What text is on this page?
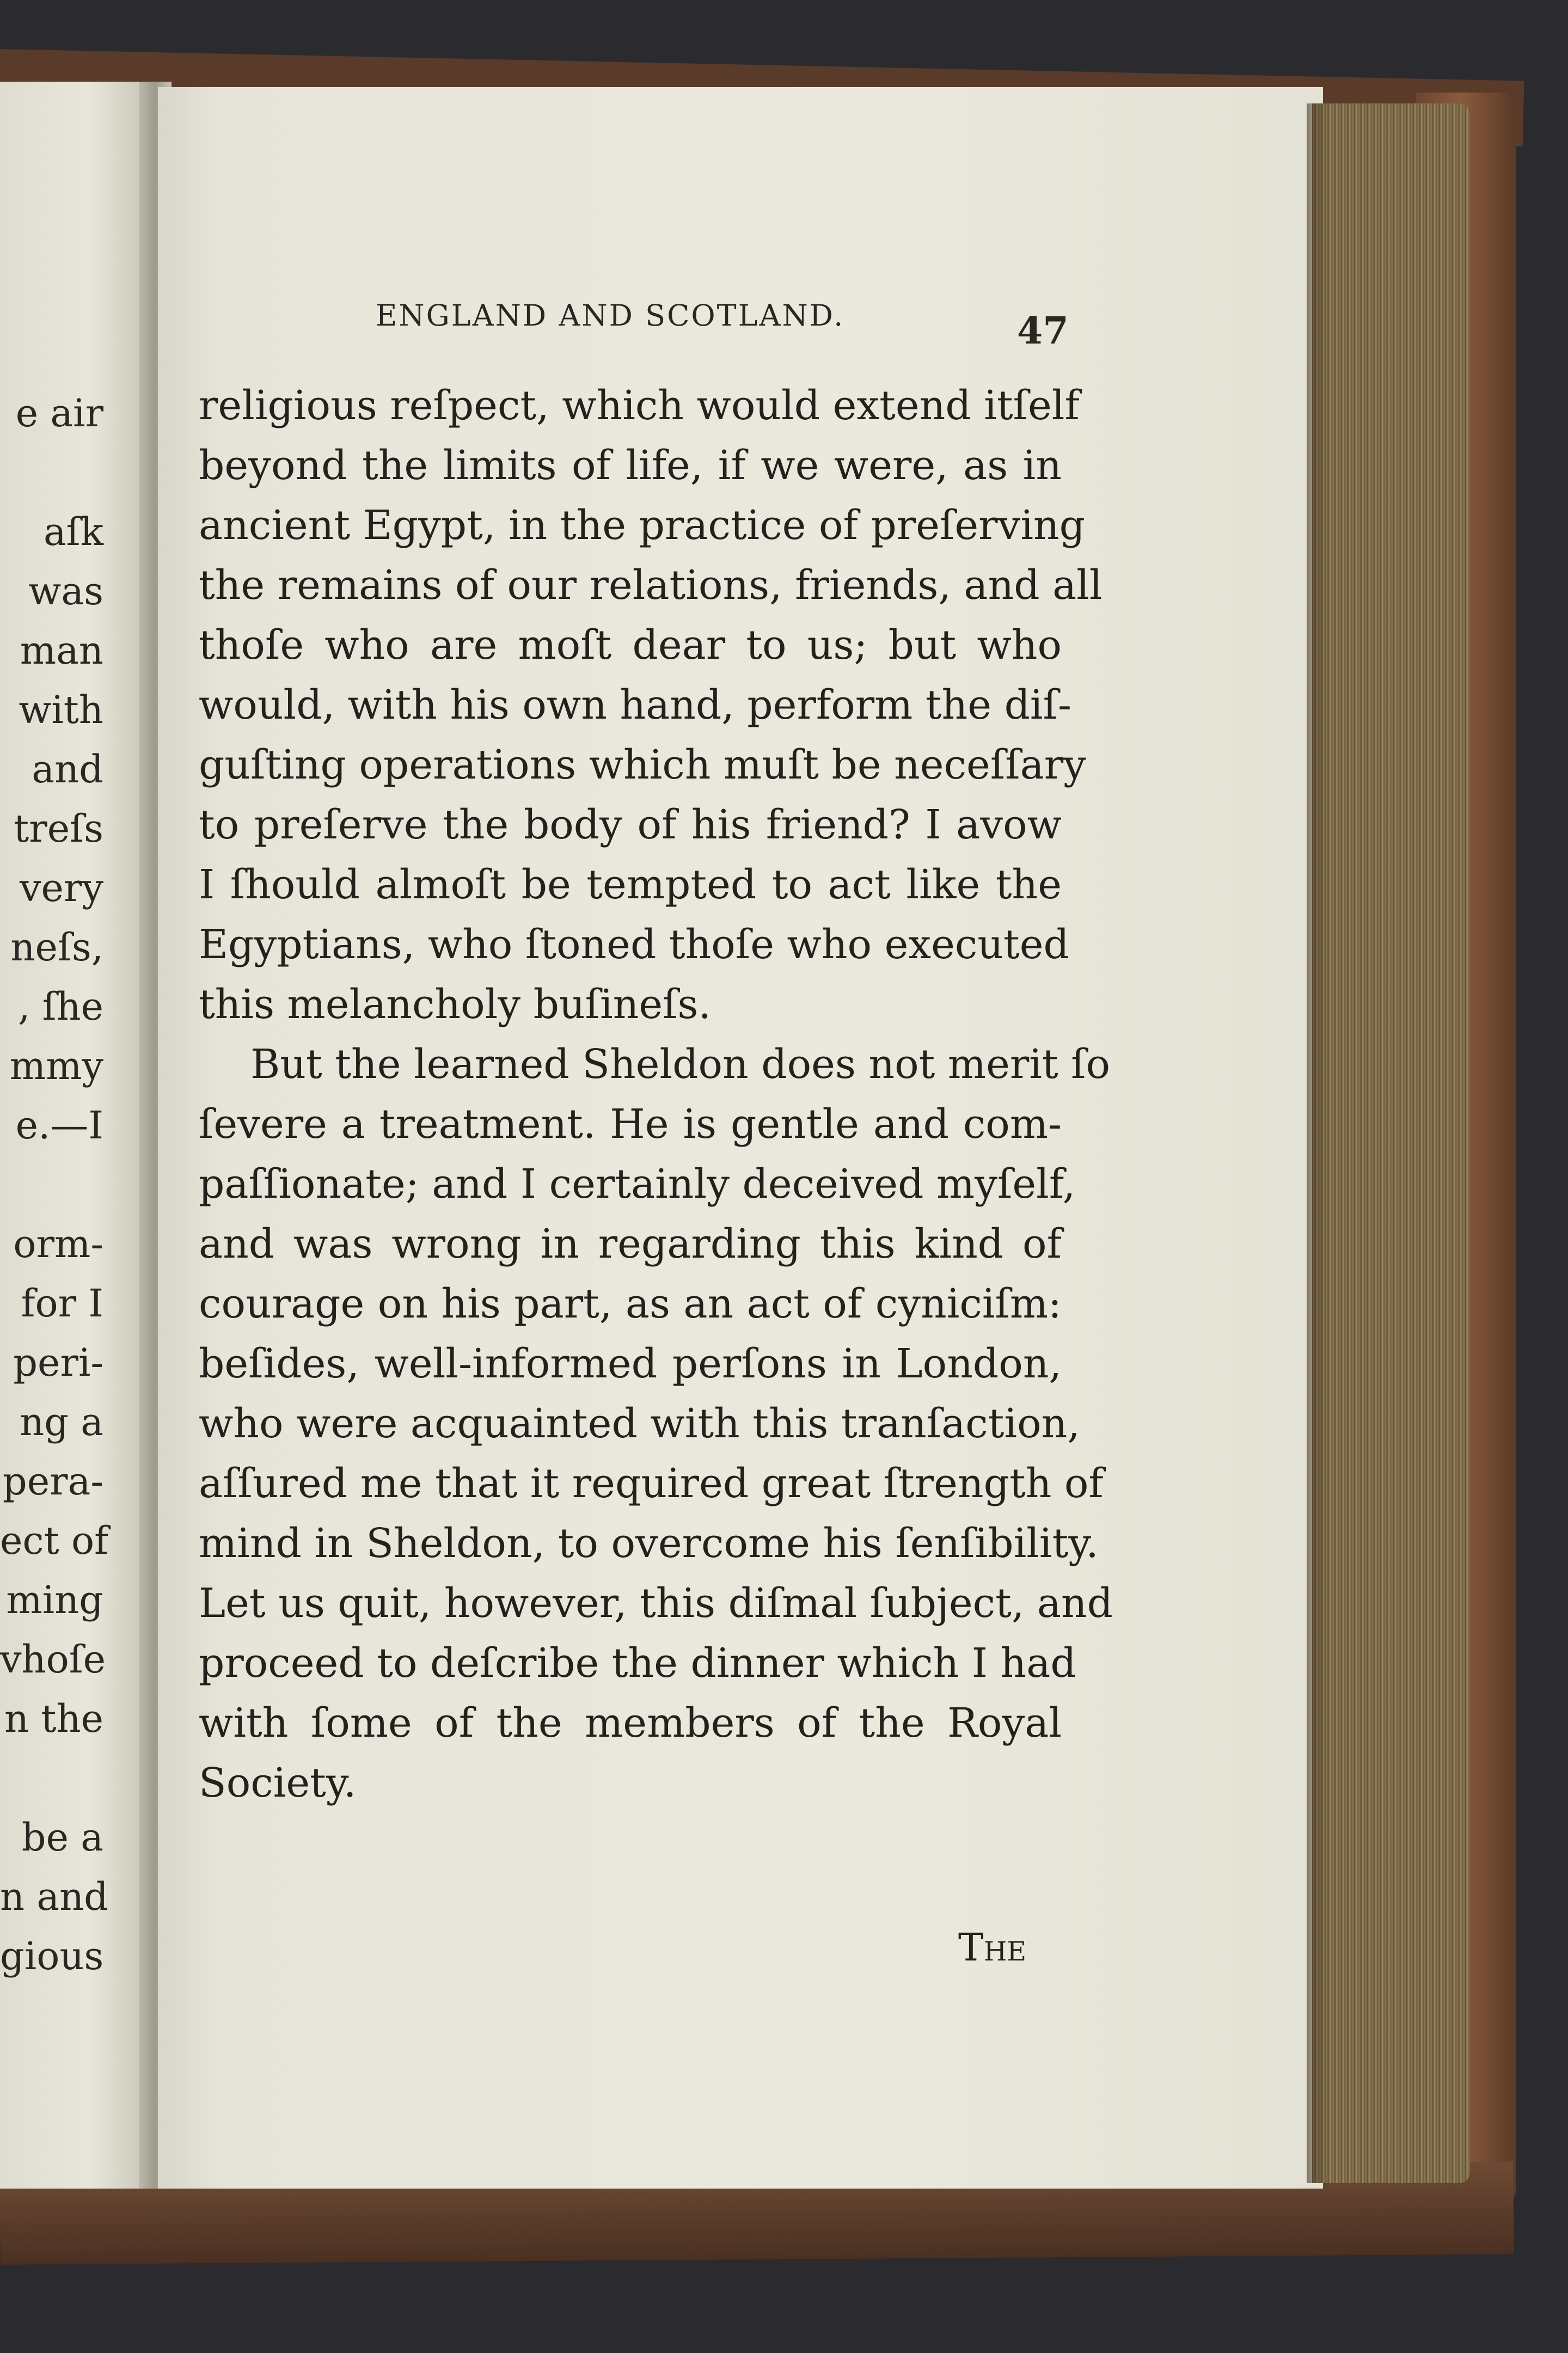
e air
aſk
was
man
with
and
treſs
very
neſs,
, ſhe
mmy
e.—I
orm-
for I
peri-
ng a
pera-
ect of
ming
vhoſe
n the
be a
n and
gious
ENGLAND AND SCOTLAND.	47
religious reſpect, which would extend itſelf
beyond the limits of life, if we were, as in
ancient Egypt, in the practice of preſerving
the remains of our relations, friends, and all
thoſe who are moſt dear to us; but who
would, with his own hand, perform the diſ-
guſting operations which muſt be neceſſary
to preſerve the body of his friend? I avow
I ſhould almoſt be tempted to act like the
Egyptians, who ſtoned thoſe who executed
this melancholy buſineſs.
But the learned Sheldon does not merit ſo
ſevere a treatment. He is gentle and com-
paſſionate; and I certainly deceived myſelf,
and was wrong in regarding this kind of
courage on his part, as an act of cyniciſm:
beſides, well-informed perſons in London,
who were acquainted with this tranſaction,
aſſured me that it required great ſtrength of
mind in Sheldon, to overcome his ſenſibility.
Let us quit, however, this diſmal ſubject, and
proceed to deſcribe the dinner which I had
with ſome of the members of the Royal
Society.
The
